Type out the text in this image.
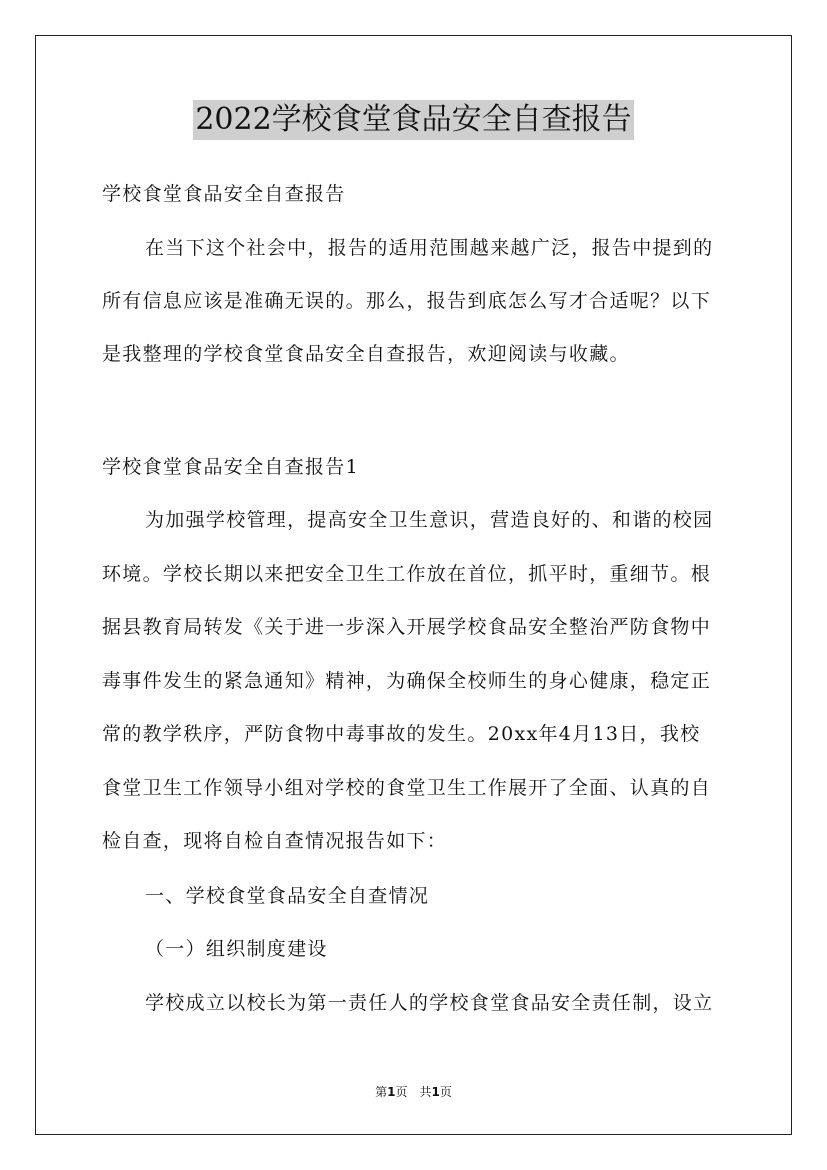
2022学校食堂食品安全自查报告
学校食堂食品安全自查报告
在当下这个社会中，报告的适用范围越来越广泛，报告中提到的
所有信息应该是准确无误的。那么，报告到底怎么写才合适呢？以下
是我整理的学校食堂食品安全自查报告，欢迎阅读与收藏。
学校食堂食品安全自查报告1
为加强学校管理，提高安全卫生意识，营造良好的、和谐的校园
环境。学校长期以来把安全卫生工作放在首位，抓平时，重细节。根
据县教育局转发《关于进一步深入开展学校食品安全整治严防食物中
毒事件发生的紧急通知》精神，为确保全校师生的身心健康，稳定正
常的教学秩序，严防食物中毒事故的发生。20xx年4月13日，我校
食堂卫生工作领导小组对学校的食堂卫生工作展开了全面、认真的自
检自查，现将自检自查情况报告如下：
一、学校食堂食品安全自查情况
（一）组织制度建设
学校成立以校长为第一责任人的学校食堂食品安全责任制，设立
第1页　共1页
